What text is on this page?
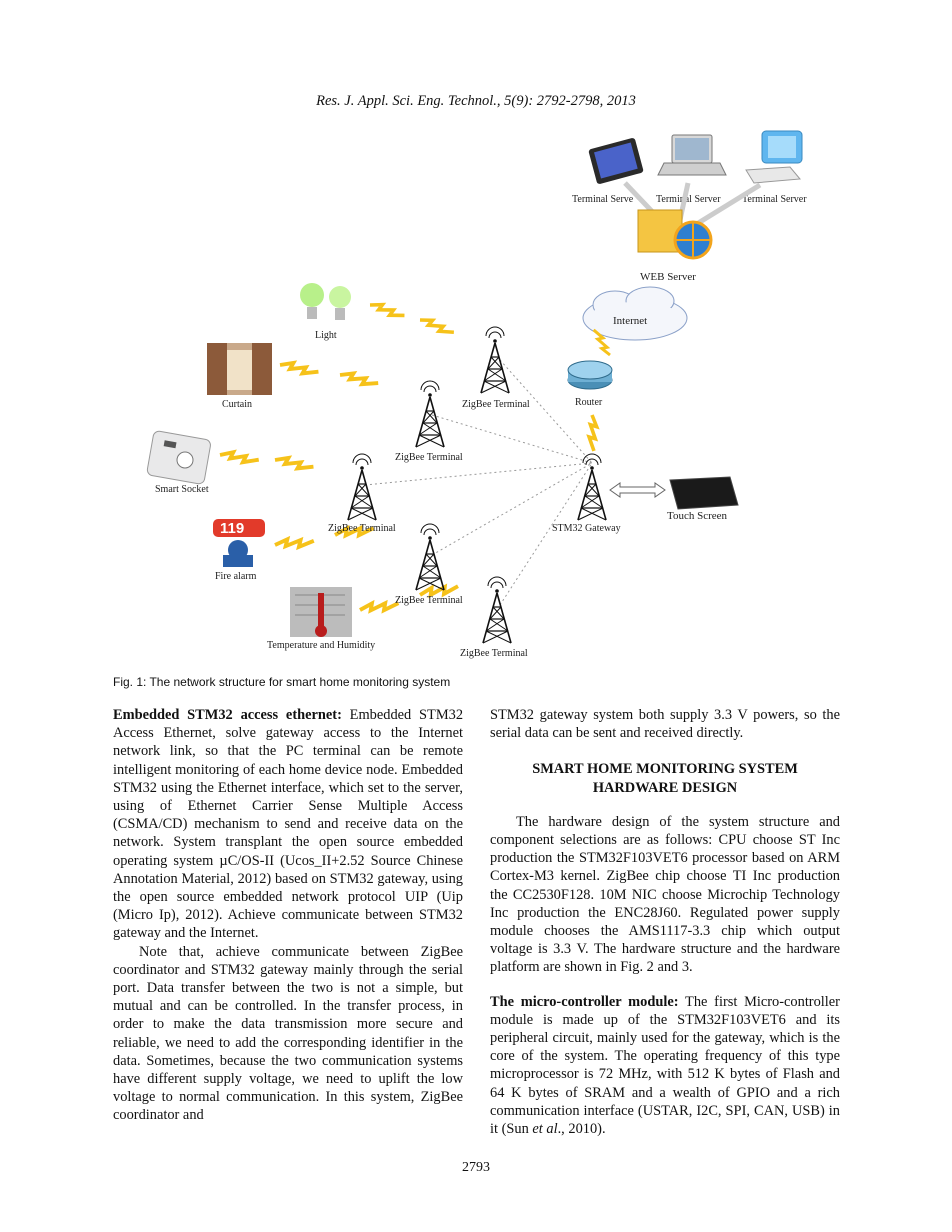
Res. J. Appl. Sci. Eng. Technol., 5(9): 2792-2798, 2013
Terminal Serve Terminal Server Terminal Server
WEB Server
Internet
Router
Light
Curtain
Smart Socket
119
Fire alarm
Temperature and Humidity
ZigBee Terminal
ZigBee Terminal
ZigBee Terminal
ZigBee Terminal
ZigBee Terminal
STM32 Gateway
Touch Screen
Fig. 1: The network structure for smart home monitoring system

Embedded STM32 access ethernet: Embedded STM32 Access Ethernet, solve gateway access to the Internet network link, so that the PC terminal can be remote intelligent monitoring of each home device node. Embedded STM32 using the Ethernet interface, which set to the server, using of Ethernet Carrier Sense Multiple Access (CSMA/CD) mechanism to send and receive data on the network. System transplant the open source embedded operating system µC/OS-II (Ucos_II+2.52 Source Chinese Annotation Material, 2012) based on STM32 gateway, using the open source embedded network protocol UIP (Uip (Micro Ip), 2012). Achieve communicate between STM32 gateway and the Internet.

Note that, achieve communicate between ZigBee coordinator and STM32 gateway mainly through the serial port. Data transfer between the two is not a simple, but mutual and can be controlled. In the transfer process, in order to make the data transmission more secure and reliable, we need to add the corresponding identifier in the data. Sometimes, because the two communication systems have different supply voltage, we need to uplift the low voltage to normal communication. In this system, ZigBee coordinator and

STM32 gateway system both supply 3.3 V powers, so the serial data can be sent and received directly.

SMART HOME MONITORING SYSTEM
HARDWARE DESIGN

The hardware design of the system structure and component selections are as follows: CPU choose ST Inc production the STM32F103VET6 processor based on ARM Cortex-M3 kernel. ZigBee chip choose TI Inc production the CC2530F128. 10M NIC choose Microchip Technology Inc production the ENC28J60. Regulated power supply module chooses the AMS1117-3.3 chip which output voltage is 3.3 V. The hardware structure and the hardware platform are shown in Fig. 2 and 3.

The micro-controller module: The first Micro-controller module is made up of the STM32F103VET6 and its peripheral circuit, mainly used for the gateway, which is the core of the system. The operating frequency of this type microprocessor is 72 MHz, with 512 K bytes of Flash and 64 K bytes of SRAM and a wealth of GPIO and a rich communication interface (USTAR, I2C, SPI, CAN, USB) in it (Sun et al., 2010).

2793
